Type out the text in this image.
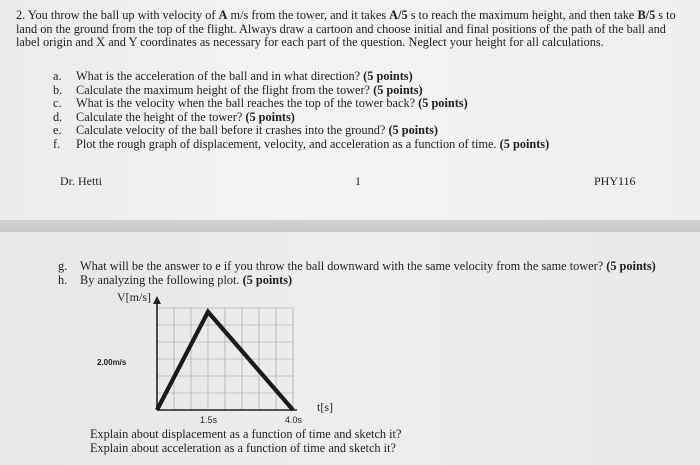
2. You throw the ball up with velocity of A m/s from the tower, and it takes A/5 s to reach the maximum height, and then take B/5 s to land on the ground from the top of the flight. Always draw a cartoon and choose initial and final positions of the path of the ball and label origin and X and Y coordinates as necessary for each part of the question. Neglect your height for all calculations.
a. What is the acceleration of the ball and in what direction? (5 points)
b. Calculate the maximum height of the flight from the tower? (5 points)
c. What is the velocity when the ball reaches the top of the tower back? (5 points)
d. Calculate the height of the tower? (5 points)
e. Calculate velocity of the ball before it crashes into the ground? (5 points)
f. Plot the rough graph of displacement, velocity, and acceleration as a function of time. (5 points)
Dr. Hetti	1	PHY116
g. What will be the answer to e if you throw the ball downward with the same velocity from the same tower? (5 points)
h. By analyzing the following plot. (5 points)
V[m/s]
2.00m/s
1.5s	4.0s
t[s]
Explain about displacement as a function of time and sketch it?
Explain about acceleration as a function of time and sketch it?
